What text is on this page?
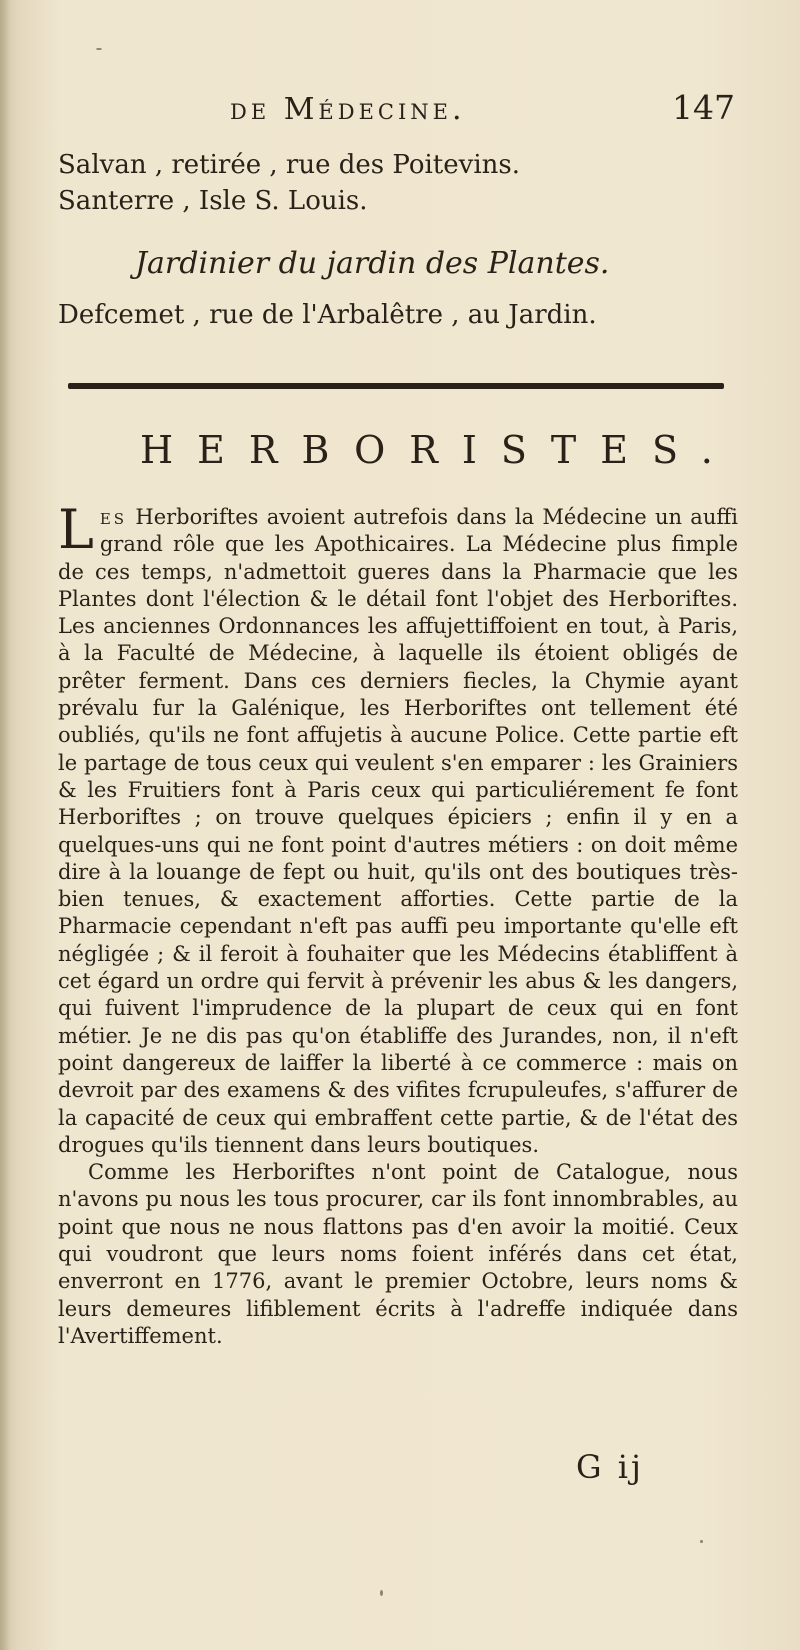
de Médecine.	147
Salvan , retirée , rue des Poitevins.
Santerre , Isle S. Louis.
Jardinier du jardin des Plantes.
Defcemet , rue de l'Arbalêtre , au Jardin.
HERBORISTES.

Les Herboriftes avoient autrefois dans la Médecine un auffi grand rôle que les Apothicaires. La Médecine plus fimple de ces temps, n'admettoit gueres dans la Pharmacie que les Plantes dont l'élection & le détail font l'objet des Herboriftes. Les anciennes Ordonnances les affujettiffoient en tout, à Paris, à la Faculté de Médecine, à laquelle ils étoient obligés de prêter ferment. Dans ces derniers fiecles, la Chymie ayant prévalu fur la Galénique, les Herboriftes ont tellement été oubliés, qu'ils ne font affujetis à aucune Police. Cette partie eft le partage de tous ceux qui veulent s'en emparer : les Grainiers & les Fruitiers font à Paris ceux qui particuliérement fe font Herboriftes ; on trouve quelques épiciers ; enfin il y en a quelques-uns qui ne font point d'autres métiers : on doit même dire à la louange de fept ou huit, qu'ils ont des boutiques très-bien tenues, & exactement afforties. Cette partie de la Pharmacie cependant n'eft pas auffi peu importante qu'elle eft négligée ; & il feroit à fouhaiter que les Médecins établiffent à cet égard un ordre qui fervit à prévenir les abus & les dangers, qui fuivent l'imprudence de la plupart de ceux qui en font métier. Je ne dis pas qu'on établiffe des Jurandes, non, il n'eft point dangereux de laiffer la liberté à ce commerce : mais on devroit par des examens & des vifites fcrupuleufes, s'affurer de la capacité de ceux qui embraffent cette partie, & de l'état des drogues qu'ils tiennent dans leurs boutiques.

Comme les Herboriftes n'ont point de Catalogue, nous n'avons pu nous les tous procurer, car ils font innombrables, au point que nous ne nous flattons pas d'en avoir la moitié. Ceux qui voudront que leurs noms foient inférés dans cet état, enverront en 1776, avant le premier Octobre, leurs noms & leurs demeures lifiblement écrits à l'adreffe indiquée dans l'Avertiffement.

G ij
